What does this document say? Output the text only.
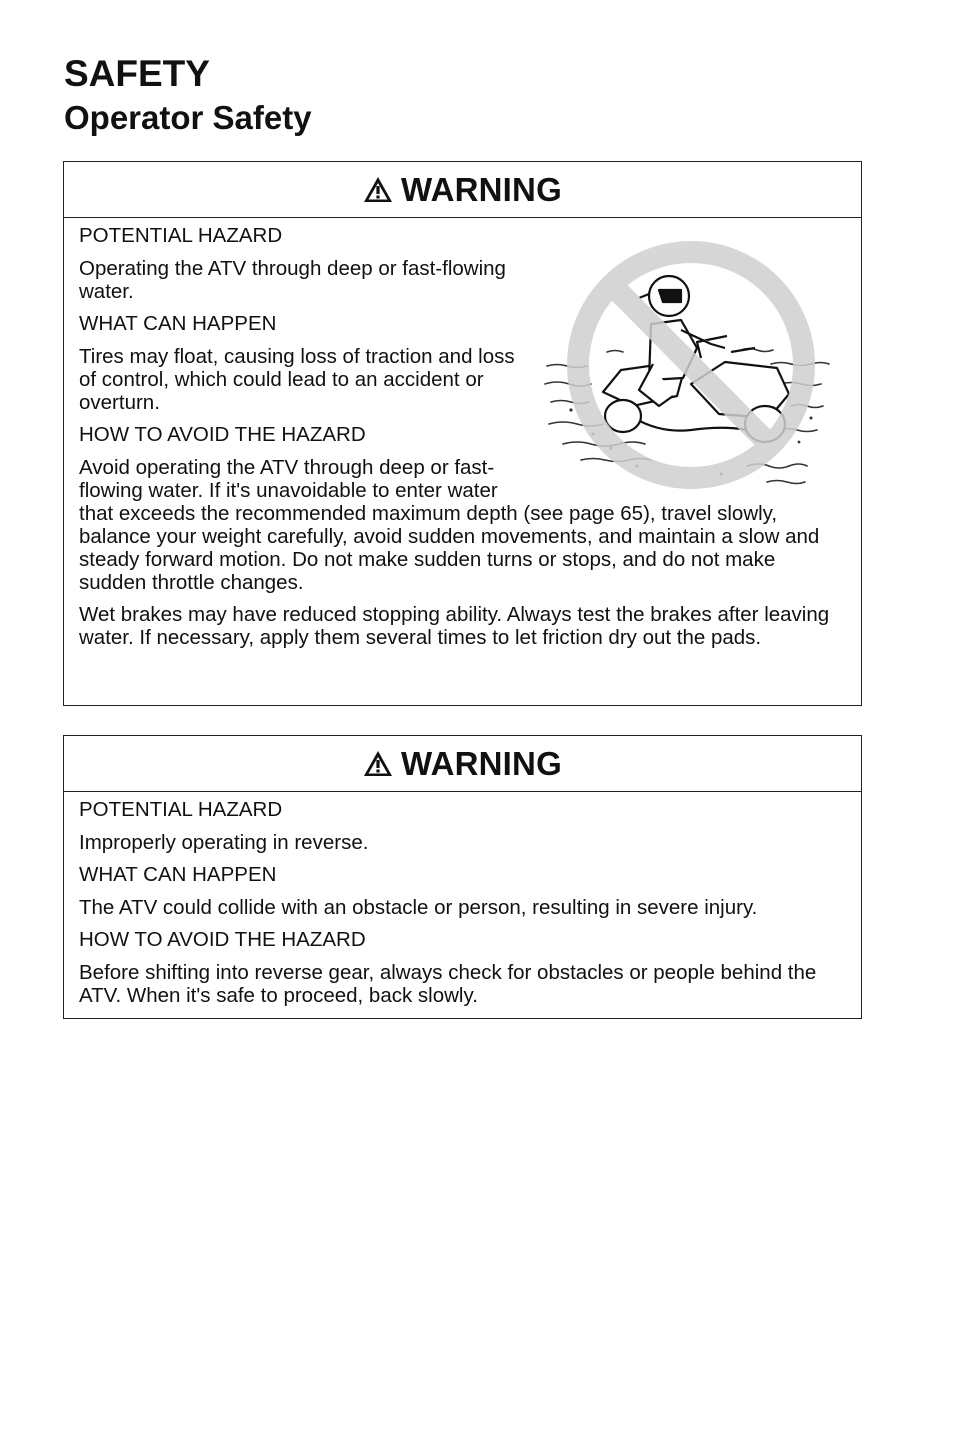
SAFETY
Operator Safety
WARNING

POTENTIAL HAZARD

Operating the ATV through deep or fast-flowing water.

WHAT CAN HAPPEN

Tires may float, causing loss of traction and loss of control, which could lead to an accident or overturn.

HOW TO AVOID THE HAZARD

Avoid operating the ATV through deep or fast-flowing water. If it's unavoidable to enter water that exceeds the recommended maximum depth (see page 65), travel slowly, balance your weight carefully, avoid sudden movements, and maintain a slow and steady forward motion. Do not make sudden turns or stops, and do not make sudden throttle changes.

Wet brakes may have reduced stopping ability. Always test the brakes after leaving water. If necessary, apply them several times to let friction dry out the pads.

WARNING

POTENTIAL HAZARD

Improperly operating in reverse.

WHAT CAN HAPPEN

The ATV could collide with an obstacle or person, resulting in severe injury.

HOW TO AVOID THE HAZARD

Before shifting into reverse gear, always check for obstacles or people behind the ATV. When it's safe to proceed, back slowly.
